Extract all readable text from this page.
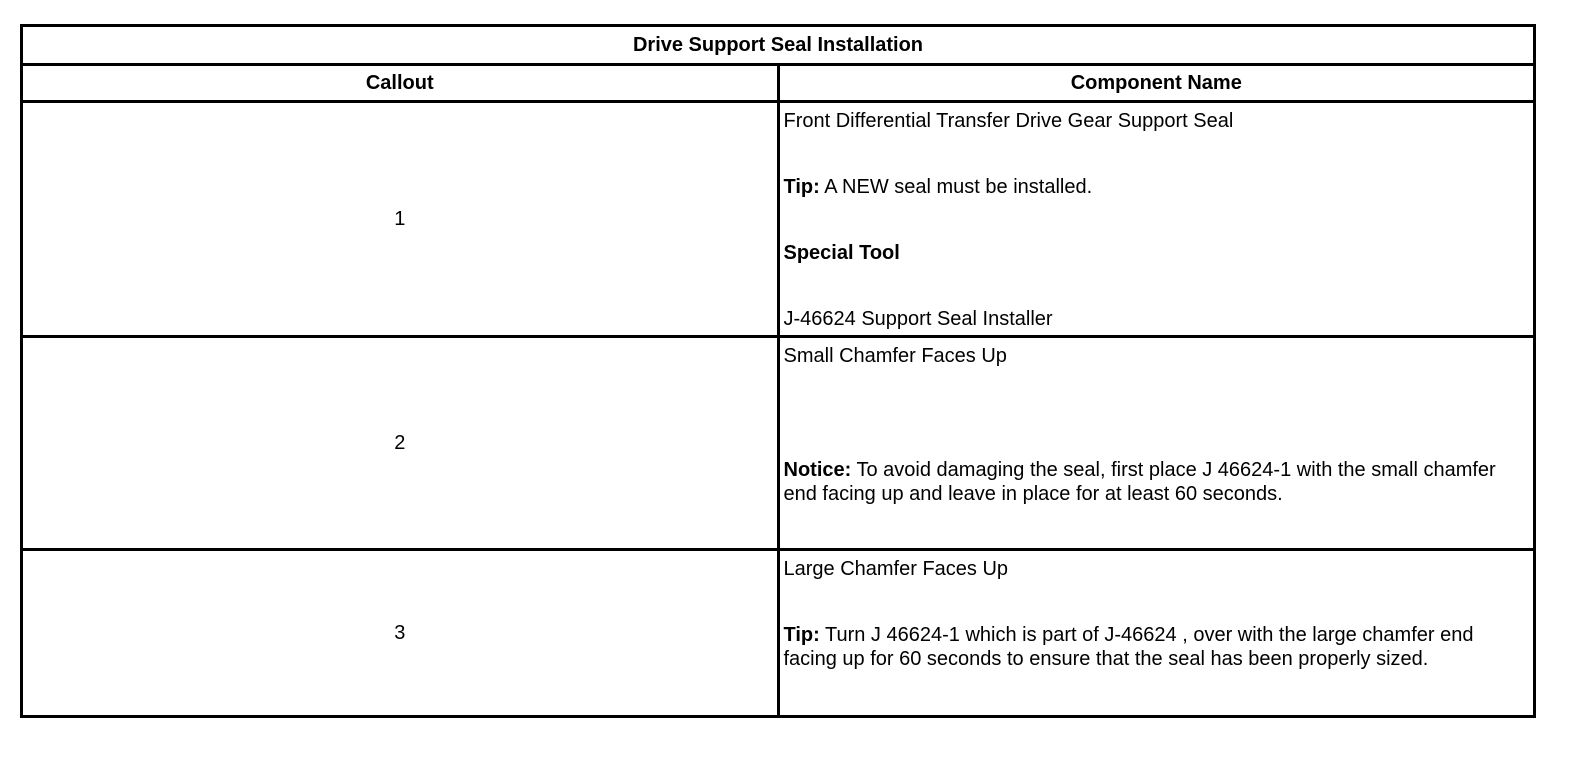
Drive Support Seal Installation	
Callout	Component Name
1	Front Differential Transfer Drive Gear Support Seal
Tip: A NEW seal must be installed.
Special Tool
J-46624 Support Seal Installer

2	Small Chamfer Faces Up
Notice: To avoid damaging the seal, first place J 46624-1 with the small chamfer end facing up and leave in place for at least 60 seconds.

3	Large Chamfer Faces Up
Tip: Turn J 46624-1 which is part of J-46624 , over with the large chamfer end facing up for 60 seconds to ensure that the seal has been properly sized.
